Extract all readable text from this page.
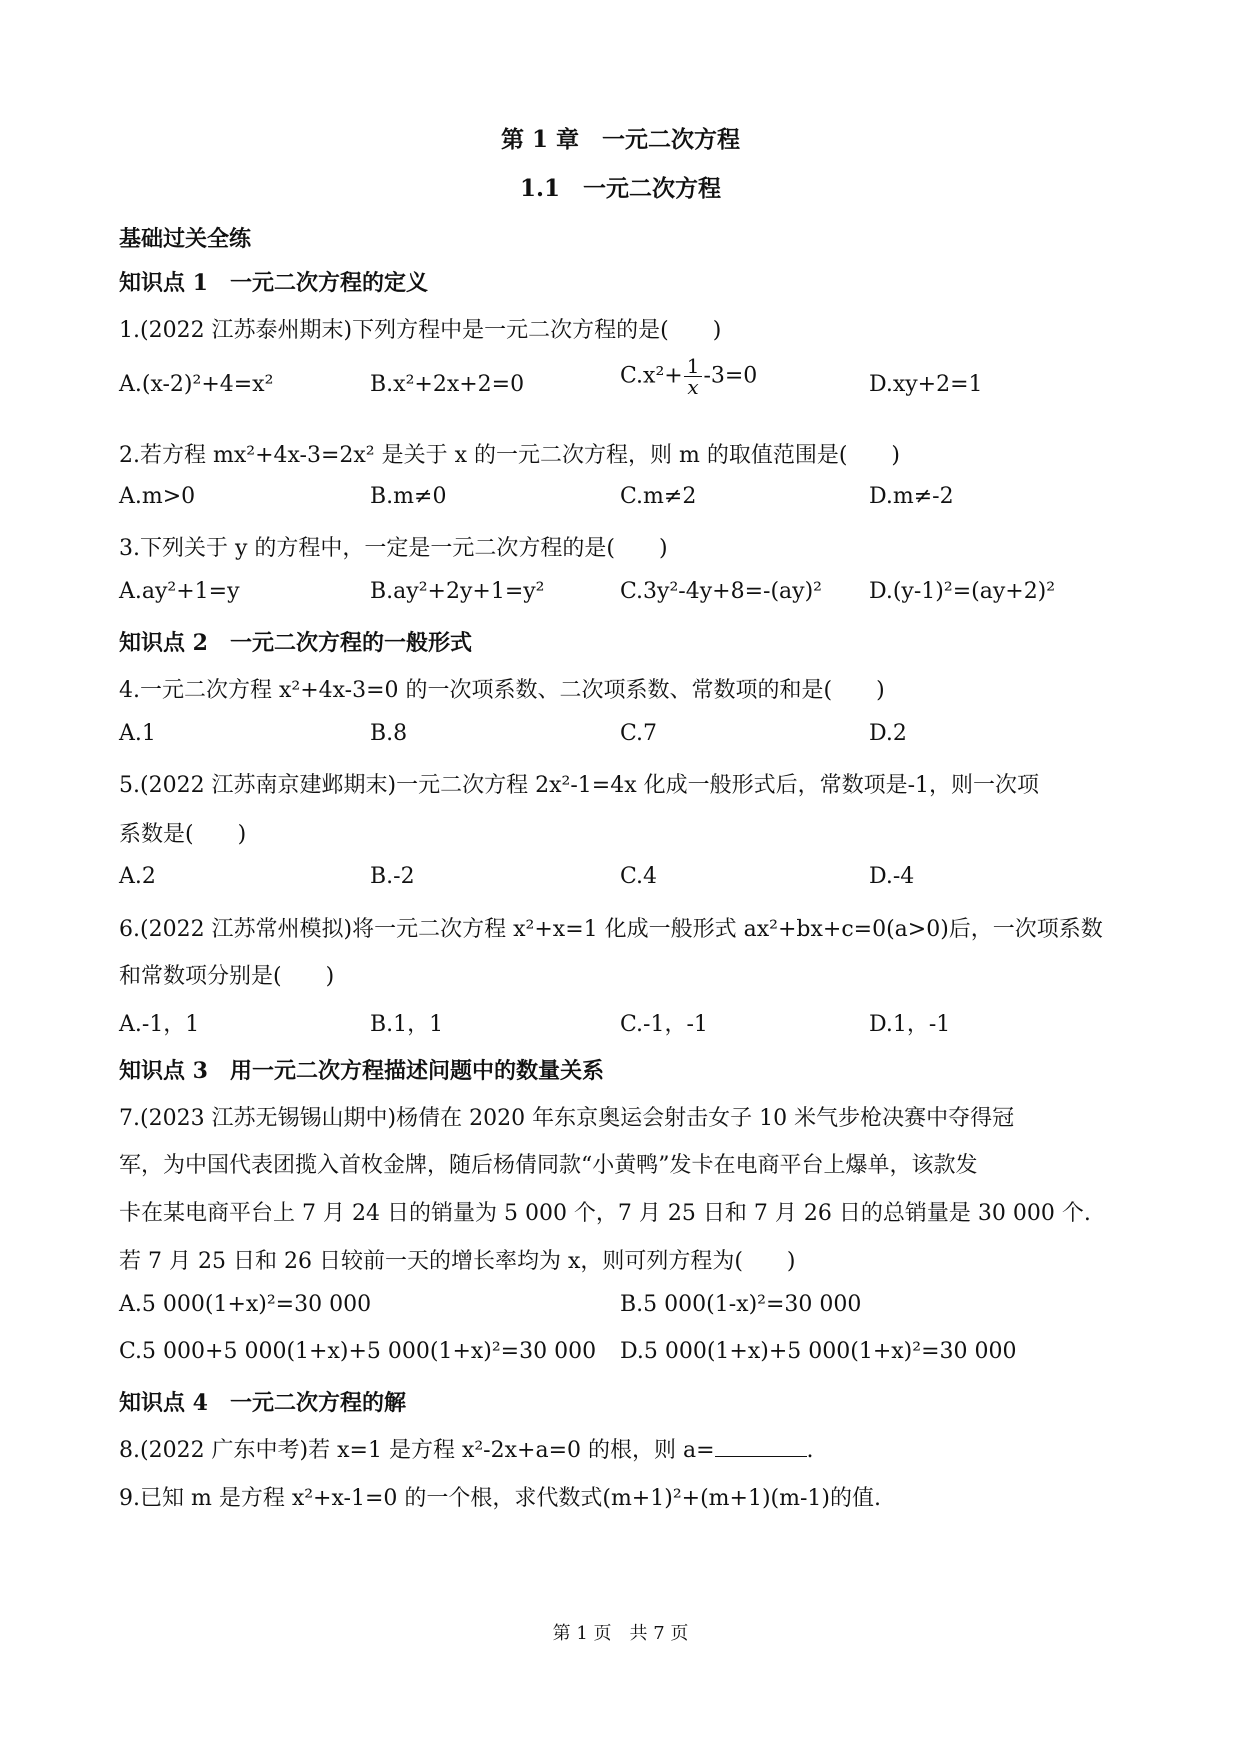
第 1 章　一元二次方程
1.1　一元二次方程
基础过关全练
知识点 1　一元二次方程的定义
1.(2022 江苏泰州期末)下列方程中是一元二次方程的是(　　)
A.(x-2)²+4=x²	B.x²+2x+2=0	$C.x^2+ \frac{1}{x} -3=0$	D.xy+2=1
2.若方程 mx²+4x-3=2x² 是关于 x 的一元二次方程，则 m 的取值范围是(　　)
A.m>0	B.m≠0	C.m≠2	D.m≠-2
3.下列关于 y 的方程中，一定是一元二次方程的是(　　)
A.ay²+1=y	B.ay²+2y+1=y²	C.3y²-4y+8=-(ay)² D.(y-1)²=(ay+2)²
知识点 2　一元二次方程的一般形式
4.一元二次方程 x²+4x-3=0 的一次项系数、二次项系数、常数项的和是(　　)
A.1	B.8	C.7	D.2
5.(2022 江苏南京建邺期末)一元二次方程 2x²-1=4x 化成一般形式后，常数项是-1，则一次项
系数是(　　)
A.2	B.-2	C.4	D.-4
6.(2022 江苏常州模拟)将一元二次方程 x²+x=1 化成一般形式 ax²+bx+c=0(a>0)后，一次项系数
和常数项分别是(　　)
A.-1，1	B.1，1	C.-1，-1	D.1，-1
知识点 3　用一元二次方程描述问题中的数量关系
7.(2023 江苏无锡锡山期中)杨倩在 2020 年东京奥运会射击女子 10 米气步枪决赛中夺得冠
军，为中国代表团揽入首枚金牌，随后杨倩同款“小黄鸭”发卡在电商平台上爆单，该款发
卡在某电商平台上 7 月 24 日的销量为 5 000 个，7 月 25 日和 7 月 26 日的总销量是 30 000 个.
若 7 月 25 日和 26 日较前一天的增长率均为 x，则可列方程为(　　)
A.5 000(1+x)²=30 000	B.5 000(1-x)²=30 000
C.5 000+5 000(1+x)+5 000(1+x)²=30 000 D.5 000(1+x)+5 000(1+x)²=30 000
知识点 4　一元二次方程的解
8.(2022 广东中考)若 x=1 是方程 x²-2x+a=0 的根，则 a=	.
9.已知 m 是方程 x²+x-1=0 的一个根，求代数式(m+1)²+(m+1)(m-1)的值.
第 1 页　共 7 页
